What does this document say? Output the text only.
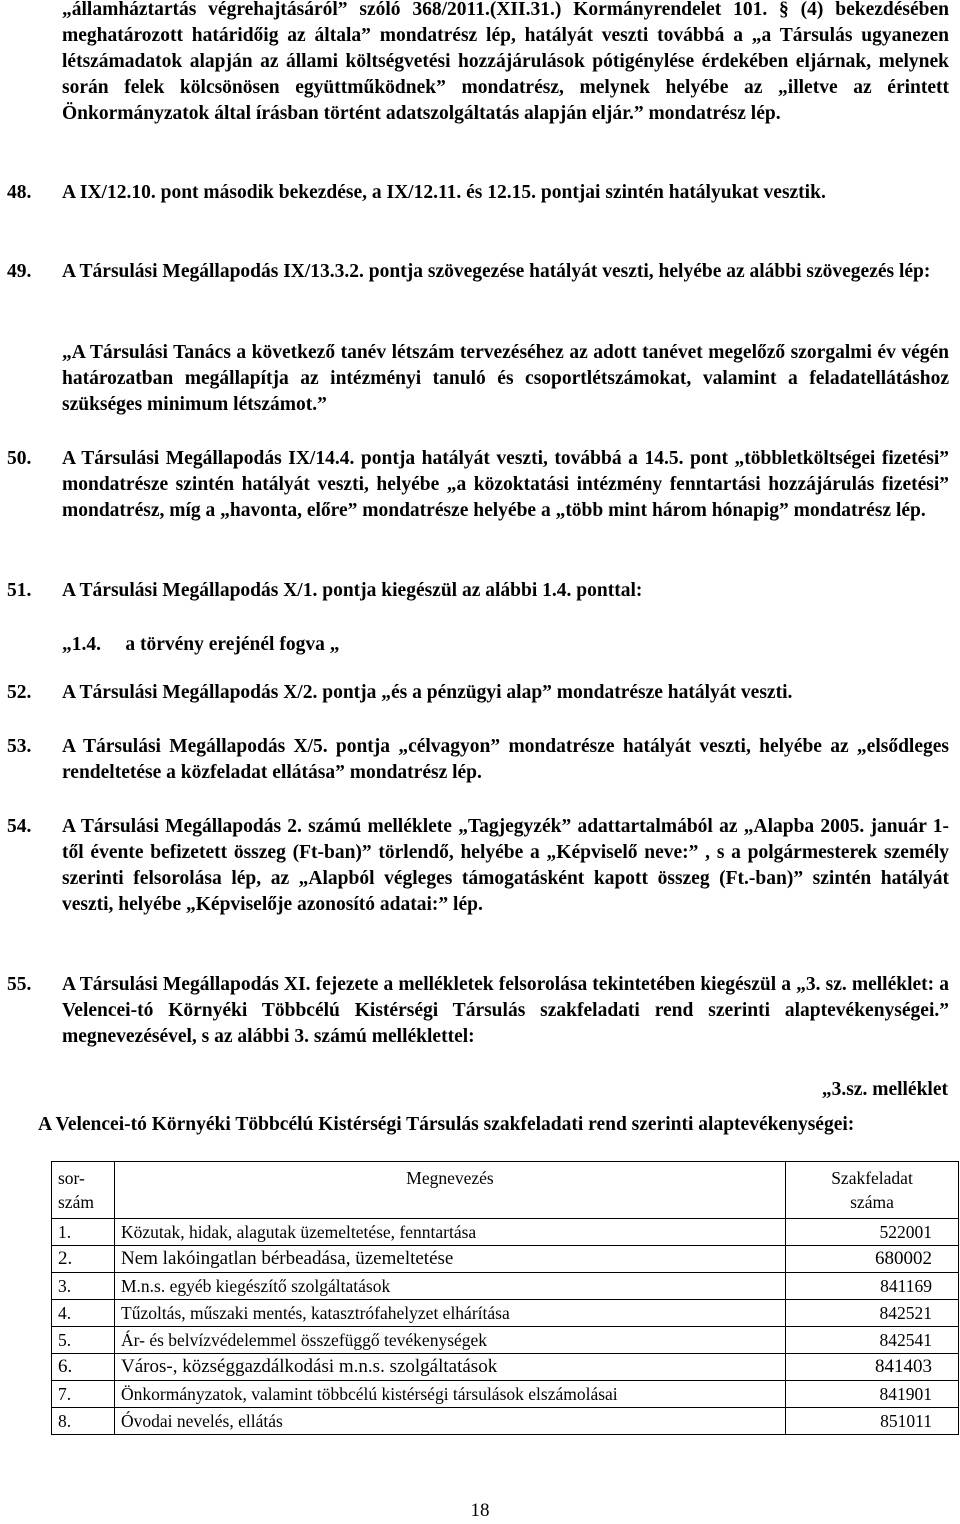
„államháztartás végrehajtásáról” szóló 368/2011.(XII.31.) Kormányrendelet 101. § (4) bekezdésében meghatározott határidőig az általa” mondatrész lép, hatályát veszti továbbá a „a Társulás ugyanezen létszámadatok alapján az állami költségvetési hozzájárulások pótigénylése érdekében eljárnak, melynek során felek kölcsönösen együttműködnek” mondatrész, melynek helyébe az „illetve az érintett Önkormányzatok által írásban történt adatszolgáltatás alapján eljár.” mondatrész lép.

48.	A IX/12.10. pont második bekezdése, a IX/12.11. és 12.15. pontjai szintén hatályukat vesztik.

49.	A Társulási Megállapodás IX/13.3.2. pontja szövegezése hatályát veszti, helyébe az alábbi szövegezés lép:

„A Társulási Tanács a következő tanév létszám tervezéséhez az adott tanévet megelőző szorgalmi év végén határozatban megállapítja az intézményi tanuló és csoportlétszámokat, valamint a feladatellátáshoz szükséges minimum létszámot.”

50.	A Társulási Megállapodás IX/14.4. pontja hatályát veszti, továbbá a 14.5. pont „többletköltségei fizetési” mondatrésze szintén hatályát veszti, helyébe „a közoktatási intézmény fenntartási hozzájárulás fizetési” mondatrész, míg a „havonta, előre” mondatrésze helyébe a „több mint három hónapig” mondatrész lép.

51.	A Társulási Megállapodás X/1. pontja kiegészül az alábbi 1.4. ponttal:

„1.4.     a törvény erejénél fogva „

52.	A Társulási Megállapodás X/2. pontja „és a pénzügyi alap” mondatrésze hatályát veszti.

53.	A Társulási Megállapodás X/5. pontja „célvagyon” mondatrésze hatályát veszti, helyébe az „elsődleges rendeltetése a közfeladat ellátása” mondatrész lép.

54.	A Társulási Megállapodás 2. számú melléklete „Tagjegyzék” adattartalmából az „Alapba 2005. január 1-től évente befizetett összeg (Ft-ban)” törlendő, helyébe a „Képviselő neve:” , s a polgármesterek személy szerinti felsorolása lép, az „Alapból végleges támogatásként kapott összeg (Ft.-ban)” szintén hatályát veszti, helyébe „Képviselője azonosító adatai:” lép.

55.	A Társulási Megállapodás XI. fejezete a mellékletek felsorolása tekintetében kiegészül a „3. sz. melléklet: a Velencei-tó Környéki Többcélú Kistérségi Társulás szakfeladati rend szerinti alaptevékenységei.” megnevezésével, s az alábbi 3. számú melléklettel:

„3.sz. melléklet
A Velencei-tó Környéki Többcélú Kistérségi Társulás szakfeladati rend szerinti alaptevékenységei:
sor-
szám	Megnevezés	Szakfeladat
száma
1.	Közutak, hidak, alagutak üzemeltetése, fenntartása	522001
2.	Nem lakóingatlan bérbeadása, üzemeltetése	680002
3.	M.n.s. egyéb kiegészítő szolgáltatások	841169
4.	Tűzoltás, műszaki mentés, katasztrófahelyzet elhárítása	842521
5.	Ár- és belvízvédelemmel összefüggő tevékenységek	842541
6.	Város-, községgazdálkodási m.n.s. szolgáltatások	841403
7.	Önkormányzatok, valamint többcélú kistérségi társulások elszámolásai	841901
8.	Óvodai nevelés, ellátás	851011
18
